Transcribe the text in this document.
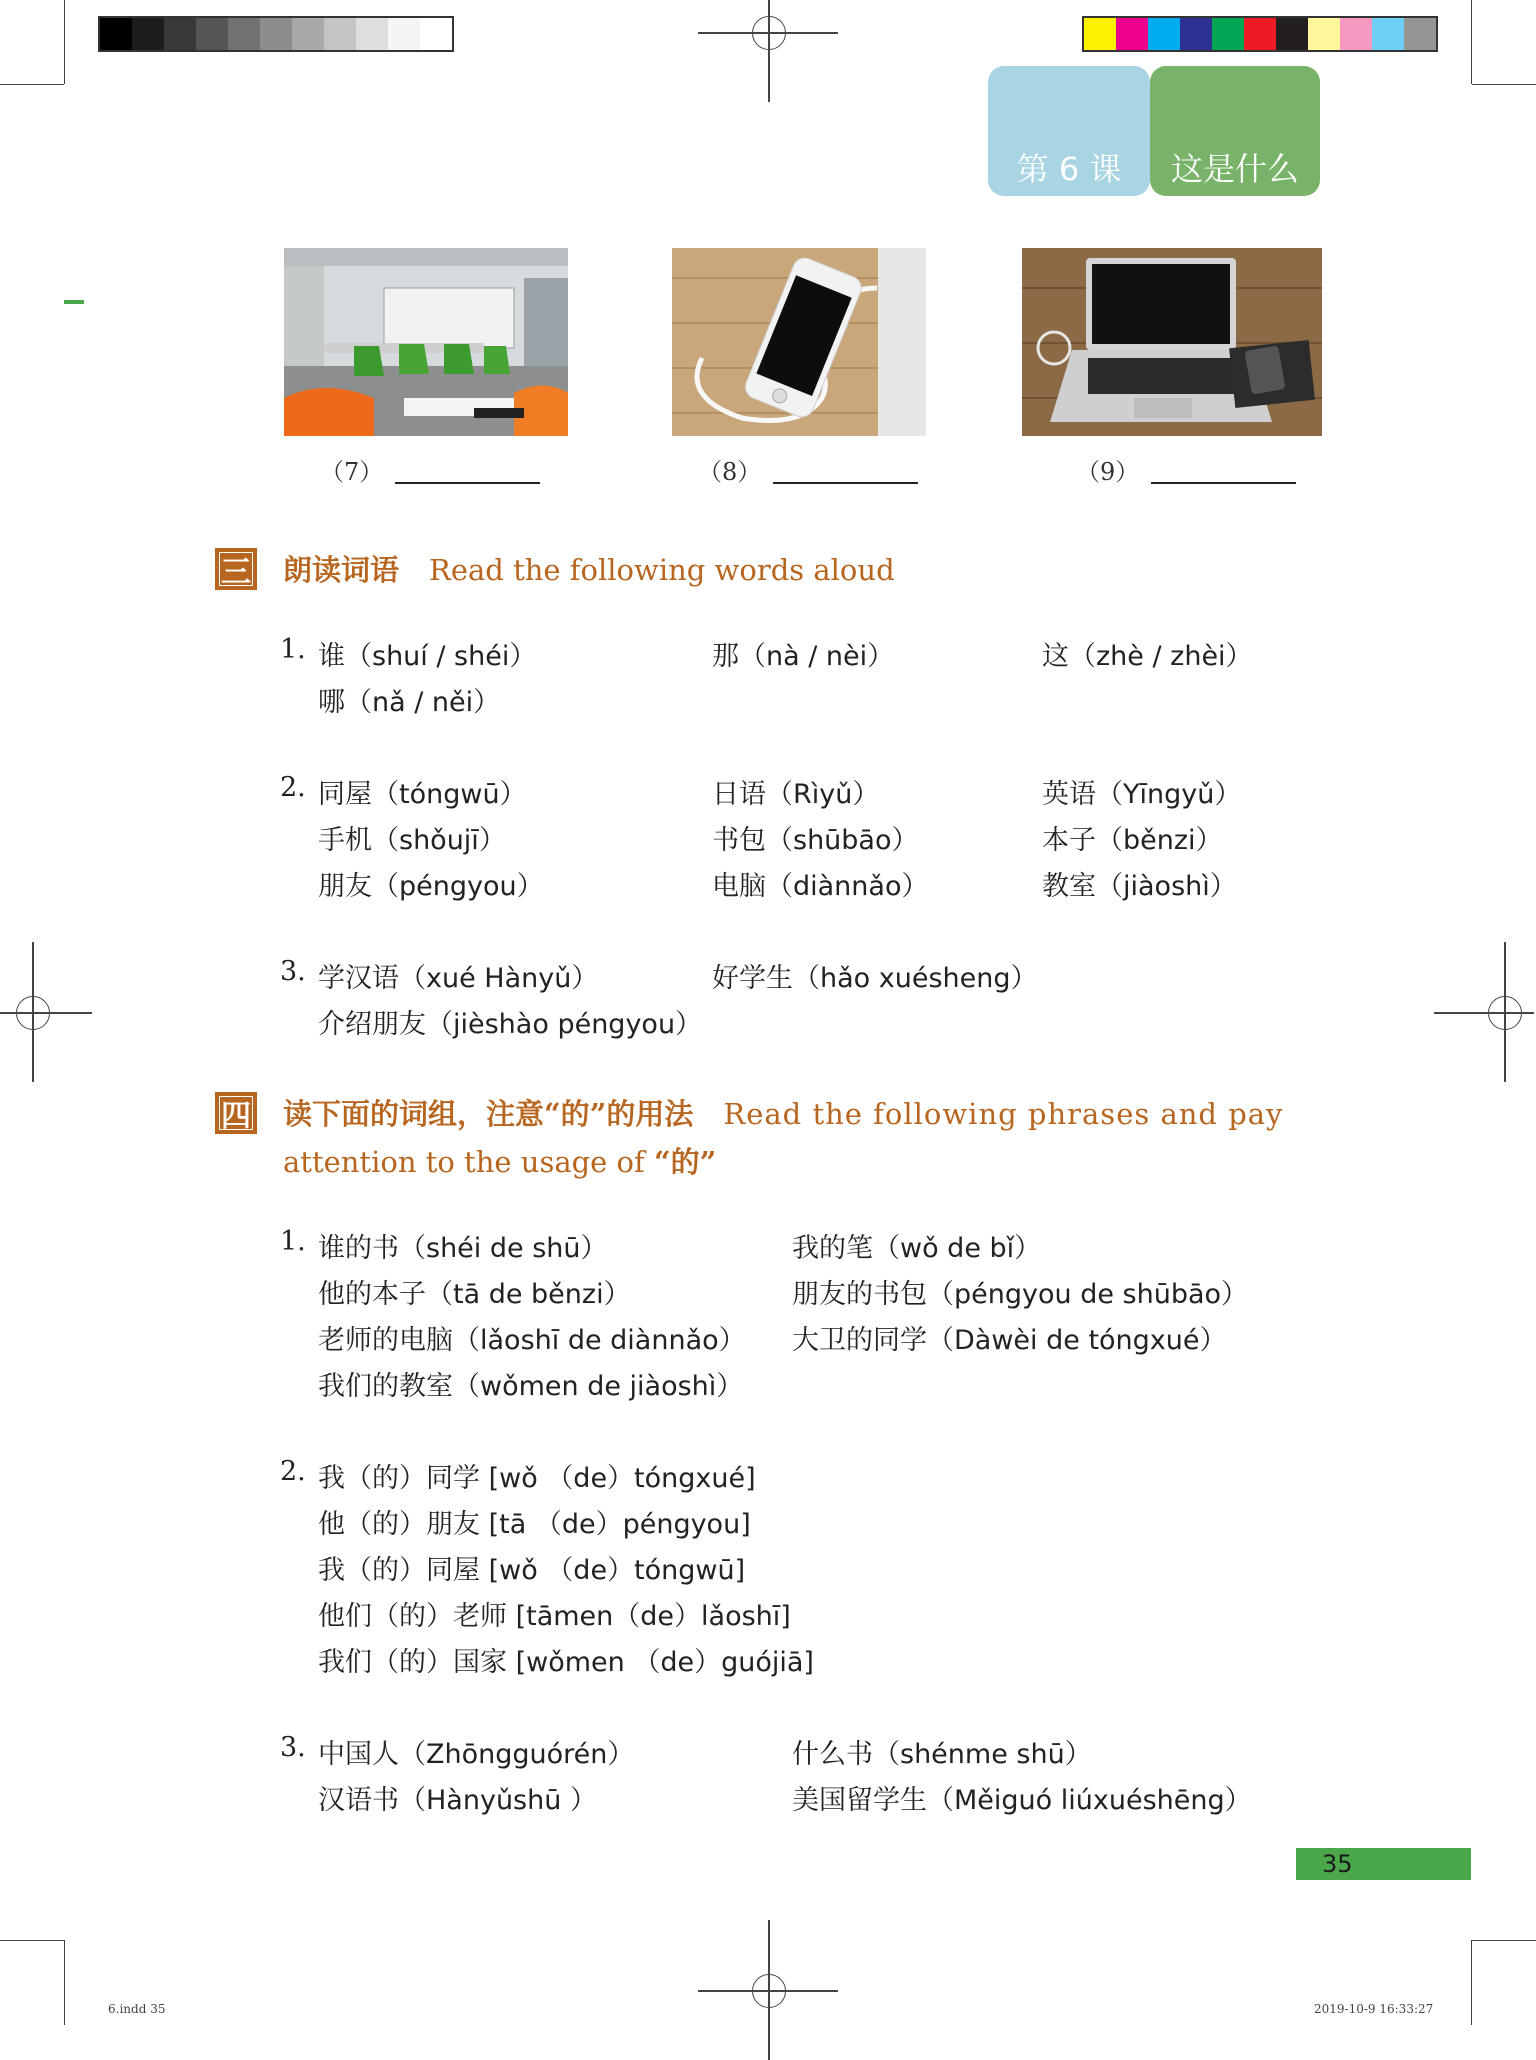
第 6 课	这是什么
（7）	（8）	（9）
三 朗读词语 Read the following words aloud
1. 谁（shuí / shéi）	那（nà / nèi）	这（zhè / zhèi）
哪（nǎ / něi）
2. 同屋（tóngwū）	日语（Rìyǔ）	英语（Yīngyǔ）
手机（shǒujī）	书包（shūbāo）	本子（běnzi）
朋友（péngyou）	电脑（diànnǎo）	教室（jiàoshì）
3. 学汉语（xué Hànyǔ）	好学生（hǎo xuésheng）
介绍朋友（jièshào péngyou）
四 读下面的词组，注意“的”的用法 Read the following phrases and pay
attention to the usage of “的”
1. 谁的书（shéi de shū）	我的笔（wǒ de bǐ）
他的本子（tā de běnzi）	朋友的书包（péngyou de shūbāo）
老师的电脑（lǎoshī de diànnǎo） 大卫的同学（Dàwèi de tóngxué）
我们的教室（wǒmen de jiàoshì）
2. 我（的）同学 [wǒ （de）tóngxué]
他（的）朋友 [tā （de）péngyou]
我（的）同屋 [wǒ （de）tóngwū]
他们（的）老师 [tāmen（de）lǎoshī]
我们（的）国家 [wǒmen （de）guójiā]
3. 中国人（Zhōngguórén）	什么书（shénme shū）
汉语书（Hànyǔshū ）	美国留学生（Měiguó liúxuéshēng）
35
6.indd 35	2019-10-9 16:33:27
